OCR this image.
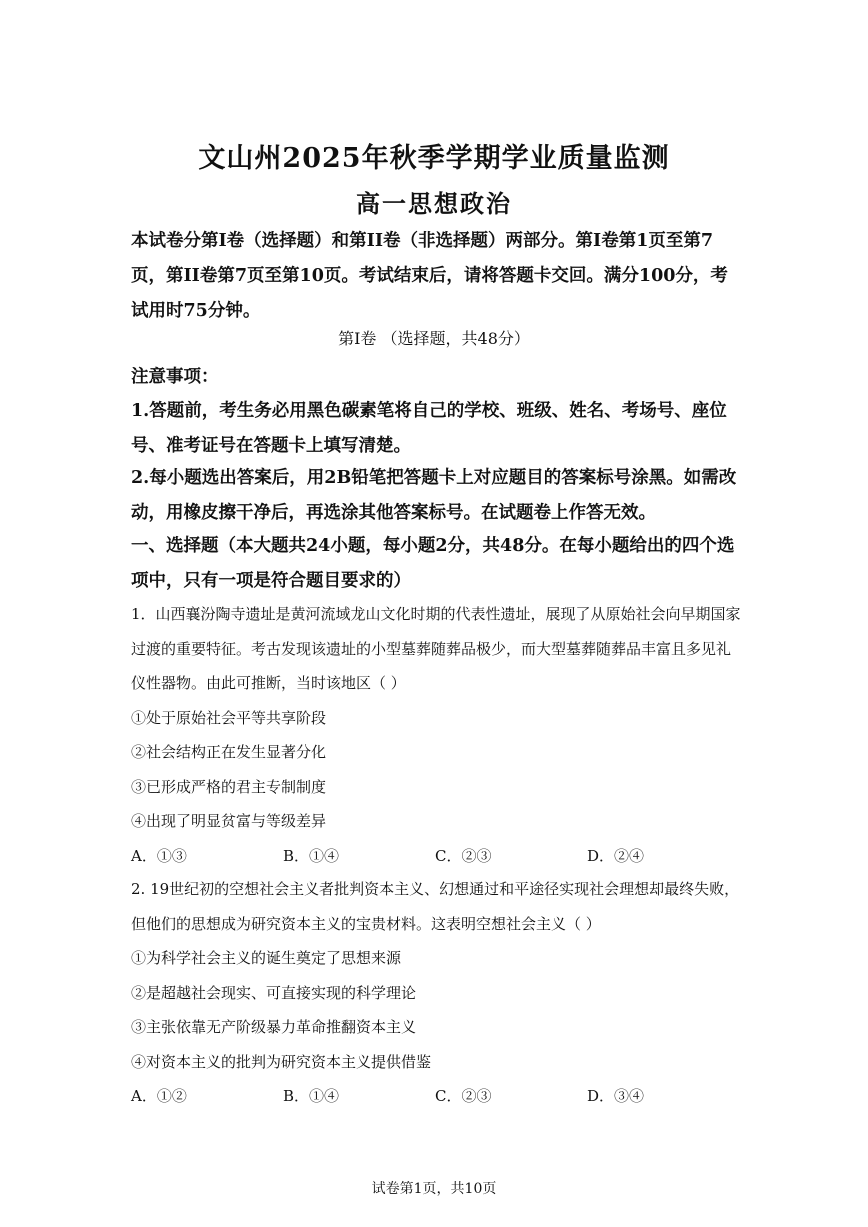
文山州2025年秋季学期学业质量监测
高一思想政治

本试卷分第I卷（选择题）和第II卷（非选择题）两部分。第I卷第1页至第7页，第II卷第7页至第10页。考试结束后，请将答题卡交回。满分100分，考试用时75分钟。

第I卷 （选择题，共48分）

注意事项：

1.答题前，考生务必用黑色碳素笔将自己的学校、班级、姓名、考场号、座位号、准考证号在答题卡上填写清楚。

2.每小题选出答案后，用2B铅笔把答题卡上对应题目的答案标号涂黑。如需改动，用橡皮擦干净后，再选涂其他答案标号。在试题卷上作答无效。

一、选择题（本大题共24小题，每小题2分，共48分。在每小题给出的四个选项中，只有一项是符合题目要求的）

1．山西襄汾陶寺遗址是黄河流域龙山文化时期的代表性遗址，展现了从原始社会向早期国家过渡的重要特征。考古发现该遗址的小型墓葬随葬品极少，而大型墓葬随葬品丰富且多见礼仪性器物。由此可推断，当时该地区（ ）

①处于原始社会平等共享阶段

②社会结构正在发生显著分化

③已形成严格的君主专制制度

④出现了明显贫富与等级差异

A．①③	B．①④	C．②③	D．②④

2. 19世纪初的空想社会主义者批判资本主义、幻想通过和平途径实现社会理想却最终失败，但他们的思想成为研究资本主义的宝贵材料。这表明空想社会主义（ ）

①为科学社会主义的诞生奠定了思想来源

②是超越社会现实、可直接实现的科学理论

③主张依靠无产阶级暴力革命推翻资本主义

④对资本主义的批判为研究资本主义提供借鉴

A．①②	B．①④	C．②③	D．③④
试卷第1页，共10页
